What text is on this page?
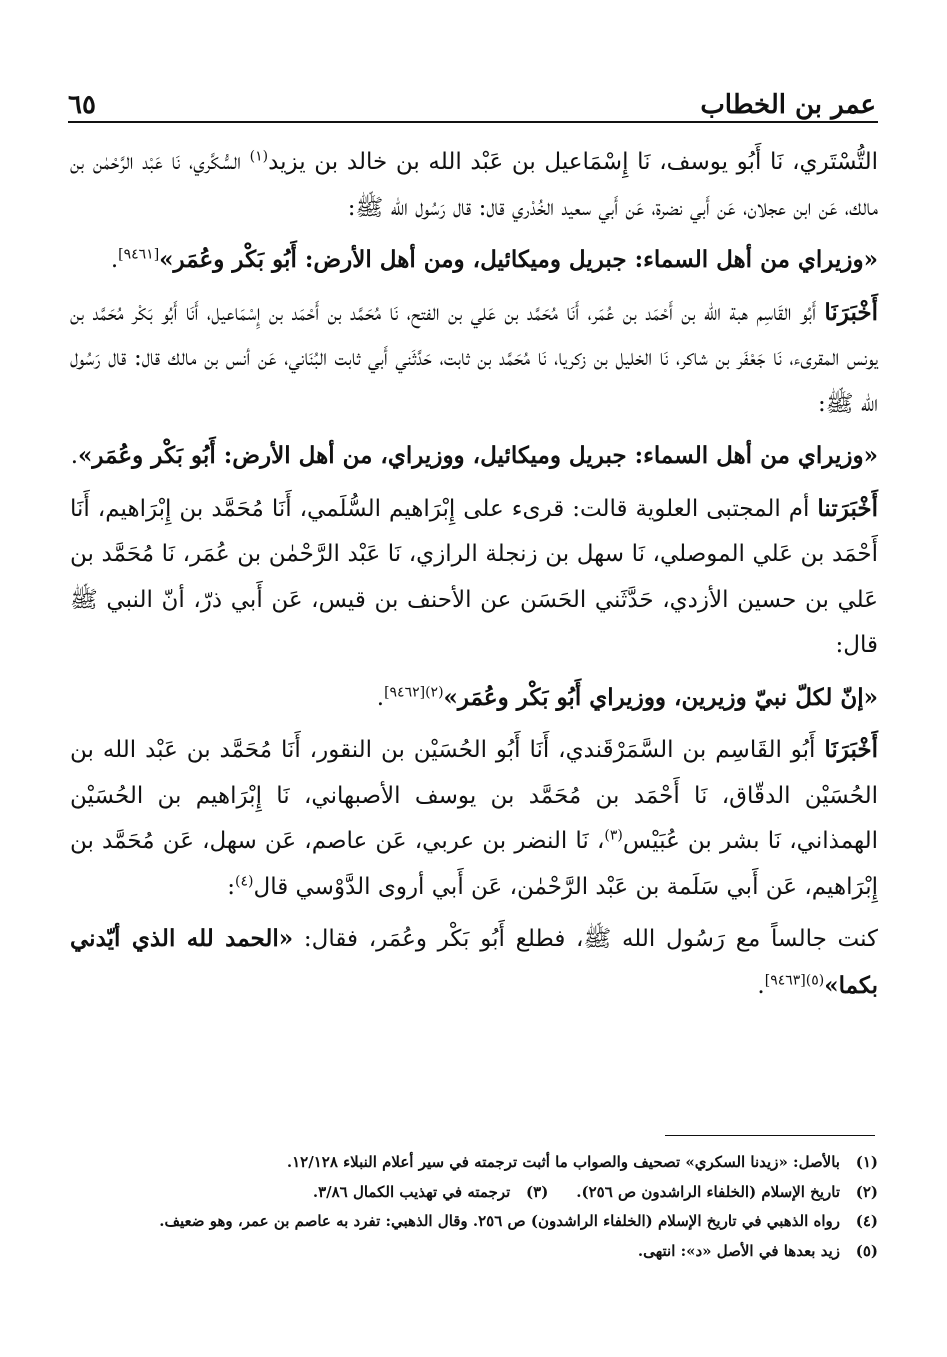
عمر بن الخطاب
٦٥

التُّسْتَري، نَا أَبُو يوسف، نَا إِسْمَاعيل بن عَبْد الله بن خالد بن يزيد$^{(١)}$ السُّكَّري، نَا عَبْد الرَّحْمٰن بن مالك، عَن ابن عجلان، عَن أَبي نضرة، عَن أَبي سعيد الخُدْري قال: قال رَسُول الله ﷺ:

«وزيراي من أهل السماء: جبريل وميكائيل، ومن أهل الأرض: أَبُو بَكْر وعُمَر»[٩٤٦١].

أَخْبَرَنَا أَبُو القَاسِم هبة الله بن أَحْمَد بن عُمَر، أَنَا مُحَمَّد بن عَلي بن الفتح، نَا مُحَمَّد بن أَحْمَد بن إِسْمَاعيل، أَنَا أَبُو بَكْر مُحَمَّد بن يونس المقرىء، نَا جَعْفَر بن شاكر، نَا الخليل بن زكريا، نَا مُحَمَّد بن ثابت، حَدَّثَني أَبي ثابت البُنَاني، عَن أنس بن مالك قال: قال رَسُول الله ﷺ:

«وزيراي من أهل السماء: جبريل وميكائيل، ووزيراي، من أهل الأرض: أَبُو بَكْر وعُمَر».

أَخْبَرَتنا أم المجتبى العلوية قالت: قرىء على إِبْرَاهيم السُّلَمي، أَنَا مُحَمَّد بن إِبْرَاهيم، أَنَا أَحْمَد بن عَلي الموصلي، نَا سهل بن زنجلة الرازي، نَا عَبْد الرَّحْمٰن بن عُمَر، نَا مُحَمَّد بن عَلي بن حسين الأزدي، حَدَّثَني الحَسَن عن الأحنف بن قيس، عَن أَبي ذرّ، أنّ النبي ﷺ قال:

«إنّ لكلّ نبيّ وزيرين، ووزيراي أَبُو بَكْر وعُمَر»$^{(٢)[٩٤٦٢]}$.

أَخْبَرَنَا أَبُو القَاسِم بن السَّمَرْقَندي، أَنَا أَبُو الحُسَيْن بن النقور، أَنَا مُحَمَّد بن عَبْد الله بن الحُسَيْن الدقّاق، نَا أَحْمَد بن مُحَمَّد بن يوسف الأصبهاني، نَا إِبْرَاهيم بن الحُسَيْن الهمذاني، نَا بشر بن عُبَيْس$^{(٣)}$، نَا النضر بن عربي، عَن عاصم، عَن سهل، عَن مُحَمَّد بن إِبْرَاهيم، عَن أَبي سَلَمة بن عَبْد الرَّحْمٰن، عَن أَبي أروى الدَّوْسي قال$^{(٤)}$:

كنت جالساً مع رَسُول الله ﷺ، فطلع أَبُو بَكْر وعُمَر، فقال: «الحمد لله الذي أيّدني بكما»$^{(٥)[٩٤٦٣]}$.

(١)
بالأصل: «زيدنا السكري» تصحيف والصواب ما أثبت ترجمته في سير أعلام النبلاء ١٢/١٢٨.
(٢)
تاريخ الإسلام (الخلفاء الراشدون ص ٢٥٦).
(٣)
ترجمته في تهذيب الكمال ٣/٨٦.
(٤)
رواه الذهبي في تاريخ الإسلام (الخلفاء الراشدون) ص ٢٥٦. وقال الذهبي: تفرد به عاصم بن عمر، وهو ضعيف.
(٥)
زيد بعدها في الأصل «د»: انتهى.
